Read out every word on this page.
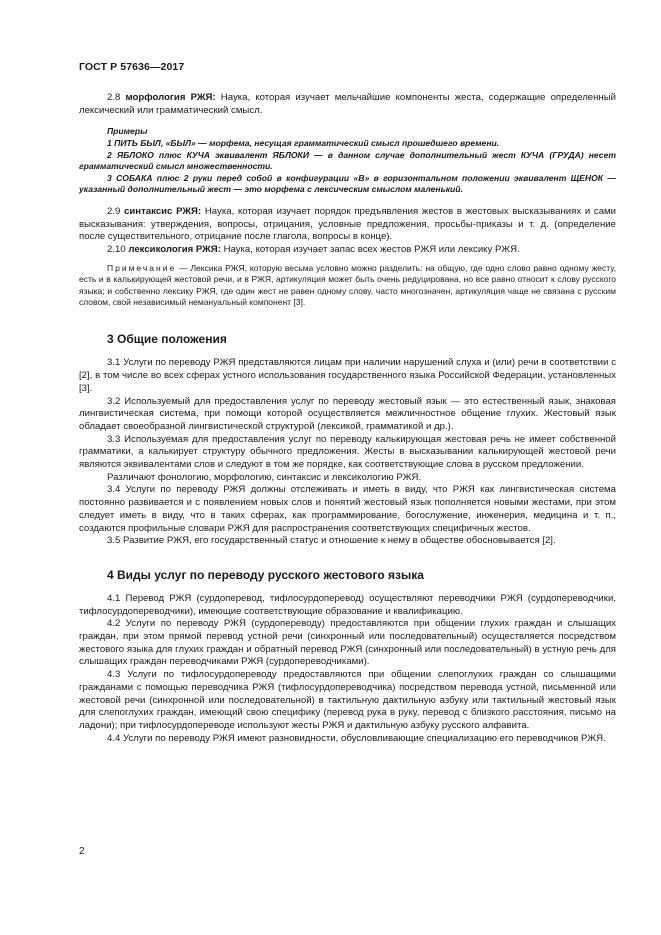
ГОСТ Р 57636—2017

2.8 морфология РЖЯ: Наука, которая изучает мельчайшие компоненты жеста, содержащие определенный лексический или грамматический смысл.

Примеры

1 ПИТЬ БЫЛ, «БЫЛ» — морфема, несущая грамматический смысл прошедшего времени.

2 ЯБЛОКО плюс КУЧА эквивалент ЯБЛОКИ — в данном случае дополнительный жест КУЧА (ГРУДА) несет грамматический смысл множественности.

3 СОБАКА плюс 2 руки перед собой в конфигурации «В» в горизонтальном положении эквивалент ЩЕНОК — указанный дополнительный жест — это морфема с лексическим смыслом маленький.

2.9 синтаксис РЖЯ: Наука, которая изучает порядок предъявления жестов в жестовых высказываниях и сами высказывания: утверждения, вопросы, отрицания, условные предложения, просьбы-приказы и т. д. (определение после существительного, отрицание после глагола, вопросы в конце).

2.10 лексикология РЖЯ: Наука, которая изучает запас всех жестов РЖЯ или лексику РЖЯ.

Примечание — Лексика РЖЯ, которую весьма условно можно разделить: на общую, где одно слово равно одному жесту, есть и в калькирующей жестовой речи, и в РЖЯ, артикуляция может быть очень редуцирована, но все равно относит к слову русского языка; и собственно лексику РЖЯ, где один жест не равен одному слову, часто многозначен, артикуляция чаще не связана с русским словом, свой независимый немануальный компонент [3].

3 Общие положения

3.1 Услуги по переводу РЖЯ представляются лицам при наличии нарушений слуха и (или) речи в соответствии с [2], в том числе во всех сферах устного использования государственного языка Российской Федерации, установленных [3].

3.2 Используемый для предоставления услуг по переводу жестовый язык — это естественный язык, знаковая лингвистическая система, при помощи которой осуществляется межличностное общение глухих. Жестовый язык обладает своеобразной лингвистической структурой (лексикой, грамматикой и др.).

3.3 Используемая для предоставления услуг по переводу калькирующая жестовая речь не имеет собственной грамматики, а калькирует структуру обычного предложения. Жесты в высказывании калькирующей жестовой речи являются эквивалентами слов и следуют в том же порядке, как соответствующие слова в русском предложении.

Различают фонологию, морфологию, синтаксис и лексикологию РЖЯ.

3.4 Услуги по переводу РЖЯ должны отслеживать и иметь в виду, что РЖЯ как лингвистическая система постоянно развивается и с появлением новых слов и понятий жестовый язык пополняется новыми жестами, при этом следует иметь в виду, что в таких сферах, как программирование, богослужение, инженерия, медицина и т. п., создаются профильные словари РЖЯ для распространения соответствующих специфичных жестов.

3.5 Развитие РЖЯ, его государственный статус и отношение к нему в обществе обосновывается [2].

4 Виды услуг по переводу русского жестового языка

4.1 Перевод РЖЯ (сурдоперевод, тифлосурдоперевод) осуществляют переводчики РЖЯ (сурдопереводчики, тифлосурдопереводчики), имеющие соответствующие образование и квалификацию.

4.2 Услуги по переводу РЖЯ (сурдопереводу) предоставляются при общении глухих граждан и слышащих граждан, при этом прямой перевод устной речи (синхронный или последовательный) осуществляется посредством жестового языка для глухих граждан и обратный перевод РЖЯ (синхронный или последовательный) в устную речь для слышащих граждан переводчиками РЖЯ (сурдопереводчиками).

4.3 Услуги по тифлосурдопереводу предоставляются при общении слепоглухих граждан со слышащими гражданами с помощью переводчика РЖЯ (тифлосурдопереводчика) посредством перевода устной, письменной или жестовой речи (синхронной или последовательной) в тактильную дактильную азбуку или тактильный жестовый язык для слепоглухих граждан, имеющий свою специфику (перевод рука в руку, перевод с близкого расстояния, письмо на ладони); при тифлосурдопереводе используют жесты РЖЯ и дактильную азбуку русского алфавита.

4.4 Услуги по переводу РЖЯ имеют разновидности, обусловливающие специализацию его переводчиков РЖЯ.

2
